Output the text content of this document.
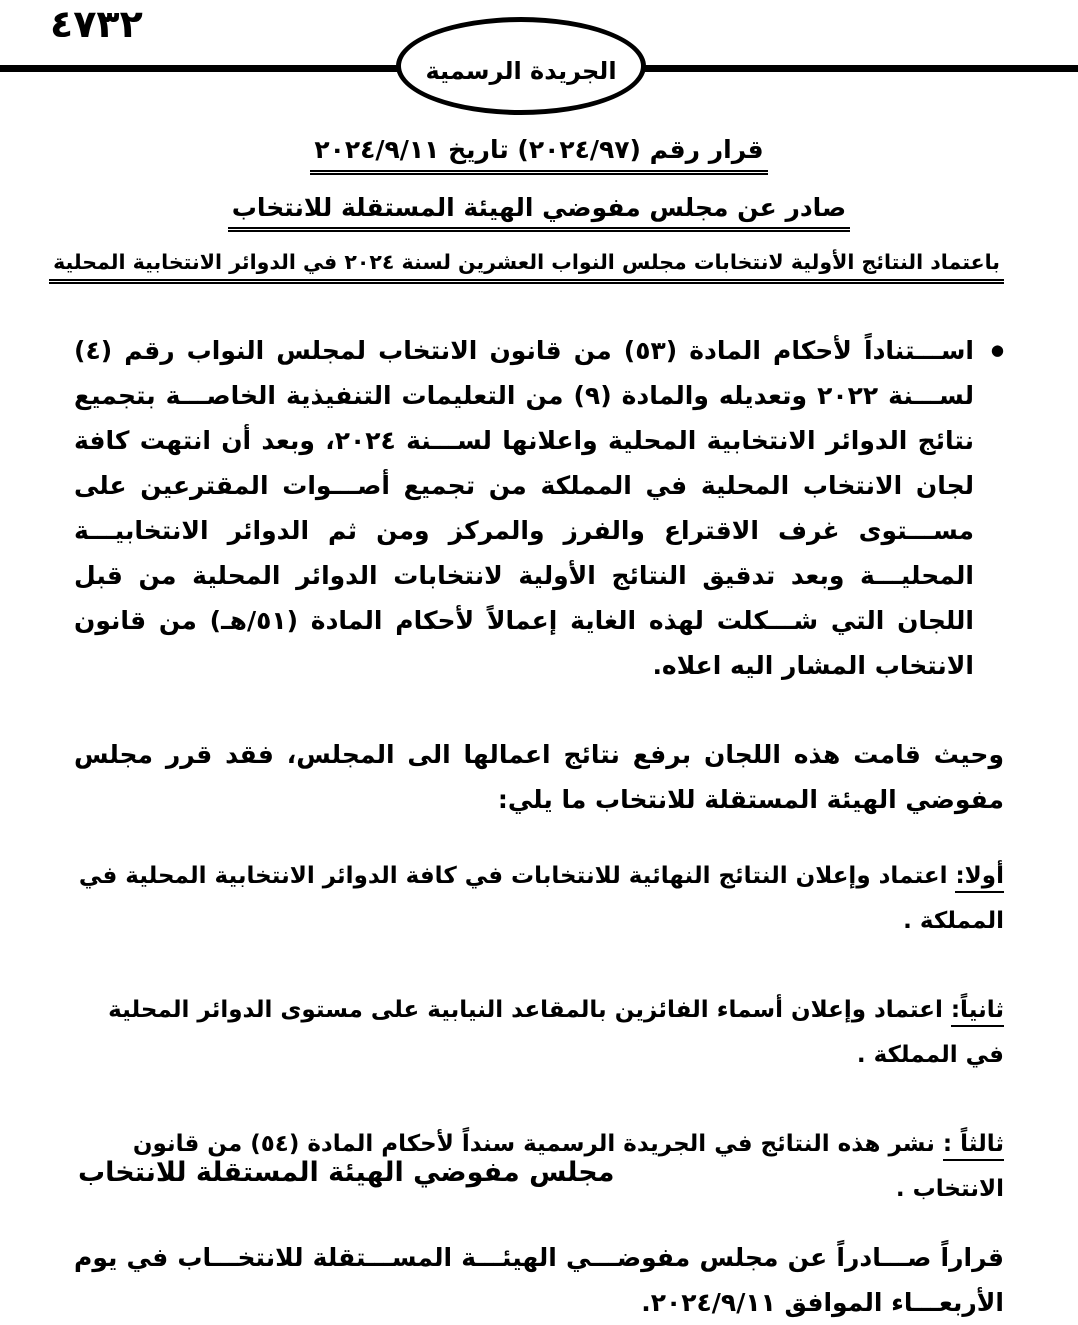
٤٧٣٢
الجريدة الرسمية
قرار رقم (٢٠٢٤/٩٧) تاريخ ٢٠٢٤/٩/١١
صادر عن مجلس مفوضي الهيئة المستقلة للانتخاب
باعتماد النتائج الأولية لانتخابات مجلس النواب العشرين لسنة ٢٠٢٤ في الدوائر الانتخابية المحلية
●

اســـتناداً لأحكام المادة (٥٣) من قانون الانتخاب لمجلس النواب رقم (٤) لســـنة ٢٠٢٢ وتعديله والمادة (٩) من التعليمات التنفيذية الخاصـــة بتجميع نتائج الدوائر الانتخابية المحلية واعلانها لســـنة ٢٠٢٤، وبعد أن انتهت كافة لجان الانتخاب المحلية في المملكة من تجميع أصـــوات المقترعين على مســـتوى غرف الاقتراع والفرز والمركز ومن ثم الدوائر الانتخابيـــة المحليـــة وبعد تدقيق النتائج الأولية لانتخابات الدوائر المحلية من قبل اللجان التي شـــكلت لهذه الغاية إعمالاً لأحكام المادة (٥١/هـ) من قانون الانتخاب المشار اليه اعلاه.

وحيث قامت هذه اللجان برفع نتائج اعمالها الى المجلس، فقد قرر مجلس مفوضي الهيئة المستقلة للانتخاب ما يلي:

أولا: اعتماد وإعلان النتائج النهائية للانتخابات في كافة الدوائر الانتخابية المحلية في المملكة .

ثانياً: اعتماد وإعلان أسماء الفائزين بالمقاعد النيابية على مستوى الدوائر المحلية في المملكة .

ثالثاً : نشر هذه النتائج في الجريدة الرسمية سنداً لأحكام المادة (٥٤) من قانون الانتخاب .

قراراً صـــادراً عن مجلس مفوضـــي الهيئـــة المســـتقلة للانتخـــاب في يوم الأربعـــاء الموافق ٢٠٢٤/٩/١١.

مجلس مفوضي الهيئة المستقلة للانتخاب
